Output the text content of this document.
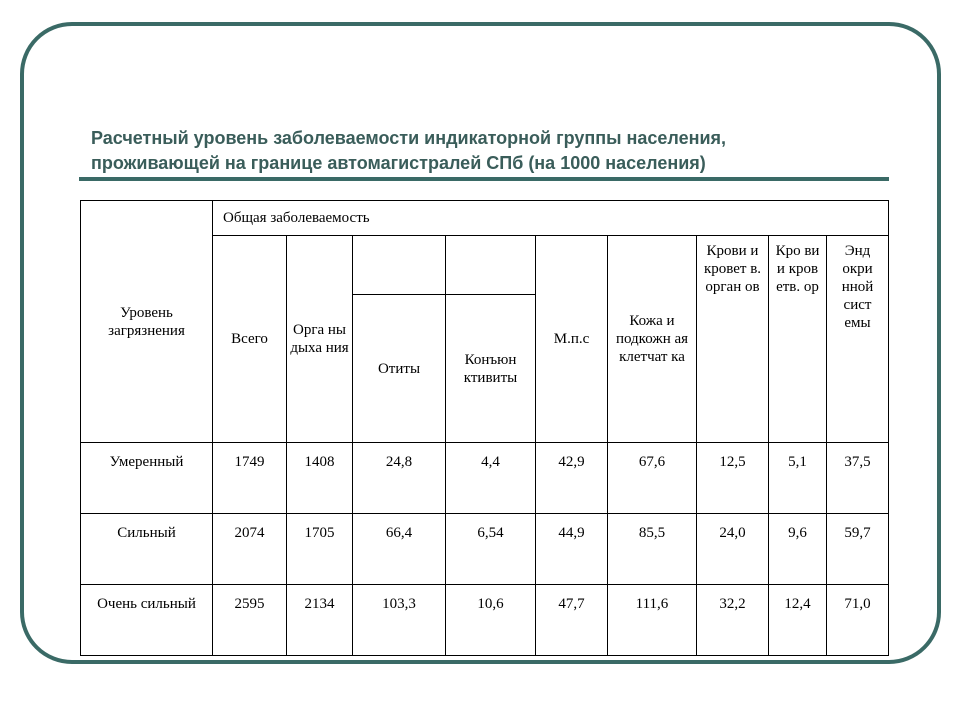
Расчетный уровень заболеваемости индикаторной группы населения,
проживающей на границе автомагистралей СПб (на 1000 населения)
Уровень загрязнения	Общая заболеваемость								
	Всего	Орга ны дыха ния			М.п.с	Кожа и подкожн ая клетчат ка	Крови и кровет в. орган ов	Кро ви и кров етв. ор	Энд окри нной сист емы
			Отиты	Конъюн ктивиты					
Умеренный	1749	1408	24,8	4,4	42,9	67,6	12,5	5,1	37,5
Сильный	2074	1705	66,4	6,54	44,9	85,5	24,0	9,6	59,7
Очень сильный	2595	2134	103,3	10,6	47,7	111,6	32,2	12,4	71,0
